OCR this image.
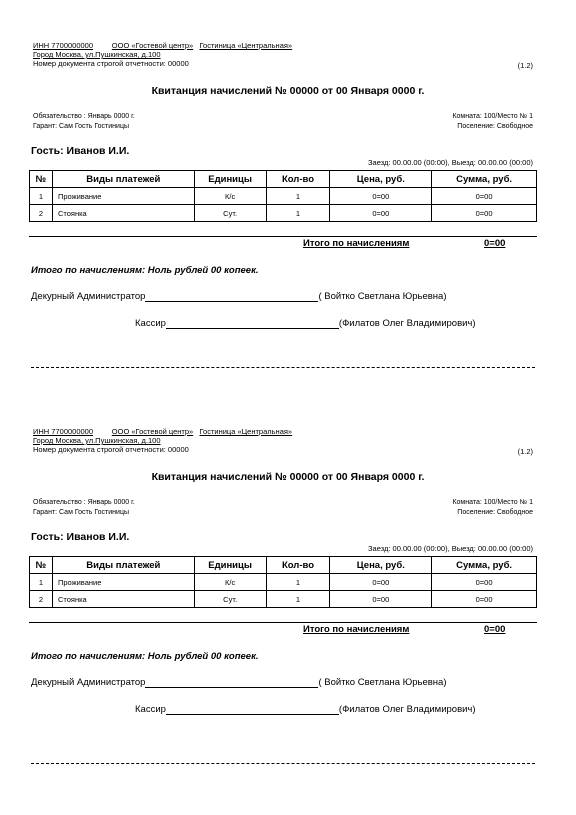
ИНН 7700000000	ООО «Гостевой центр» Гостиница «Центральная»
Город Москва, ул.Пушкинская, д.100
Номер документа строгой отчетности: 00000	(1.2)
Квитанция начислений № 00000 от 00 Января 0000 г.
Обязательство : Январь 0000 г.
Гарант: Сам Гость Гостиницы
Комната: 100/Место № 1
Поселение: Свободное
Гость: Иванов И.И.
Заезд: 00.00.00 (00:00), Выезд: 00.00.00 (00:00)
№	Виды платежей	Единицы	Кол-во	Цена, руб.	Сумма, руб.
1	Проживание	К/с	1	0=00	0=00
2	Стоянка	Сут.	1	0=00	0=00
Итого по начислениям	0=00
Итого по начислениям: Ноль рублей 00 копеек.
Декурный Администратор	( Войтко Светлана Юрьевна)
Кассир	(Филатов Олег Владимирович)
ИНН 7700000000	ООО «Гостевой центр» Гостиница «Центральная»
Город Москва, ул.Пушкинская, д.100
Номер документа строгой отчетности: 00000	(1.2)
Квитанция начислений № 00000 от 00 Января 0000 г.
Обязательство : Январь 0000 г.
Гарант: Сам Гость Гостиницы
Комната: 100/Место № 1
Поселение: Свободное
Гость: Иванов И.И.
Заезд: 00.00.00 (00:00), Выезд: 00.00.00 (00:00)
№	Виды платежей	Единицы	Кол-во	Цена, руб.	Сумма, руб.
1	Проживание	К/с	1	0=00	0=00
2	Стоянка	Сут.	1	0=00	0=00
Итого по начислениям	0=00
Итого по начислениям: Ноль рублей 00 копеек.
Декурный Администратор	( Войтко Светлана Юрьевна)
Кассир	(Филатов Олег Владимирович)
